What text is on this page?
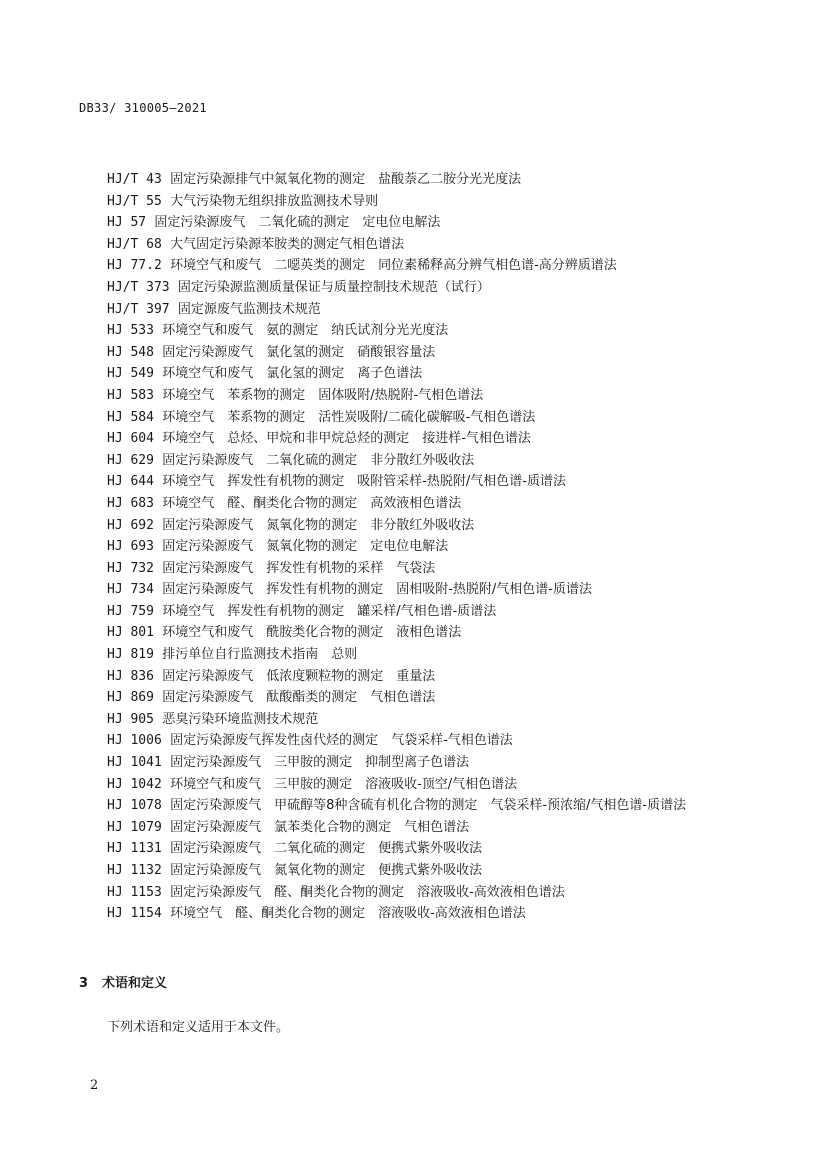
DB33/ 310005—2021
HJ/T 43 固定污染源排气中氮氧化物的测定　盐酸萘乙二胺分光光度法
HJ/T 55 大气污染物无组织排放监测技术导则
HJ 57 固定污染源废气　二氧化硫的测定　定电位电解法
HJ/T 68 大气固定污染源苯胺类的测定气相色谱法
HJ 77.2 环境空气和废气　二噁英类的测定　同位素稀释高分辨气相色谱-高分辨质谱法
HJ/T 373 固定污染源监测质量保证与质量控制技术规范（试行）
HJ/T 397 固定源废气监测技术规范
HJ 533 环境空气和废气　氨的测定　纳氏试剂分光光度法
HJ 548 固定污染源废气　氯化氢的测定　硝酸银容量法
HJ 549 环境空气和废气　氯化氢的测定　离子色谱法
HJ 583 环境空气　苯系物的测定　固体吸附/热脱附-气相色谱法
HJ 584 环境空气　苯系物的测定　活性炭吸附/二硫化碳解吸-气相色谱法
HJ 604 环境空气　总烃、甲烷和非甲烷总烃的测定　接进样-气相色谱法
HJ 629 固定污染源废气　二氧化硫的测定　非分散红外吸收法
HJ 644 环境空气　挥发性有机物的测定　吸附管采样-热脱附/气相色谱-质谱法
HJ 683 环境空气　醛、酮类化合物的测定　高效液相色谱法
HJ 692 固定污染源废气　氮氧化物的测定　非分散红外吸收法
HJ 693 固定污染源废气　氮氧化物的测定　定电位电解法
HJ 732 固定污染源废气　挥发性有机物的采样　气袋法
HJ 734 固定污染源废气　挥发性有机物的测定　固相吸附-热脱附/气相色谱-质谱法
HJ 759 环境空气　挥发性有机物的测定　罐采样/气相色谱-质谱法
HJ 801 环境空气和废气　酰胺类化合物的测定　液相色谱法
HJ 819 排污单位自行监测技术指南　总则
HJ 836 固定污染源废气　低浓度颗粒物的测定　重量法
HJ 869 固定污染源废气　酞酸酯类的测定　气相色谱法
HJ 905 恶臭污染环境监测技术规范
HJ 1006 固定污染源废气挥发性卤代烃的测定　气袋采样-气相色谱法
HJ 1041 固定污染源废气　三甲胺的测定　抑制型离子色谱法
HJ 1042 环境空气和废气　三甲胺的测定　溶液吸收-顶空/气相色谱法
HJ 1078 固定污染源废气　甲硫醇等8种含硫有机化合物的测定　气袋采样-预浓缩/气相色谱-质谱法
HJ 1079 固定污染源废气　氯苯类化合物的测定　气相色谱法
HJ 1131 固定污染源废气　二氧化硫的测定　便携式紫外吸收法
HJ 1132 固定污染源废气　氮氧化物的测定　便携式紫外吸收法
HJ 1153 固定污染源废气　醛、酮类化合物的测定　溶液吸收-高效液相色谱法
HJ 1154 环境空气　醛、酮类化合物的测定　溶液吸收-高效液相色谱法
3 术语和定义
下列术语和定义适用于本文件。
2
